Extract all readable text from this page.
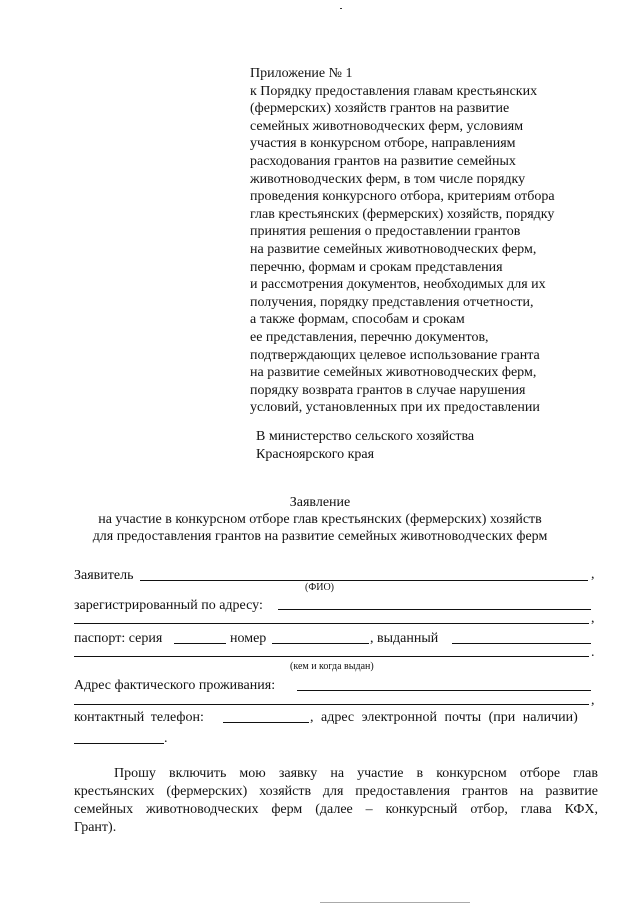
Приложение № 1
к Порядку предоставления главам крестьянских
(фермерских) хозяйств грантов на развитие
семейных животноводческих ферм, условиям
участия в конкурсном отборе, направлениям
расходования грантов на развитие семейных
животноводческих ферм, в том числе порядку
проведения конкурсного отбора, критериям отбора
глав крестьянских (фермерских) хозяйств, порядку
принятия решения о предоставлении грантов
на развитие семейных животноводческих ферм,
перечню, формам и срокам представления
и рассмотрения документов, необходимых для их
получения, порядку представления отчетности,
а также формам, способам и срокам
ее представления, перечню документов,
подтверждающих целевое использование гранта
на развитие семейных животноводческих ферм,
порядку возврата грантов в случае нарушения
условий, установленных при их предоставлении
В министерство сельского хозяйства
Красноярского края
Заявление
на участие в конкурсном отборе глав крестьянских (фермерских) хозяйств
для предоставления грантов на развитие семейных животноводческих ферм
Заявитель	,
(ФИО)
зарегистрированный по адресу:
,
паспорт: серия	номер	, выданный
.
(кем и когда выдан)
Адрес фактического проживания:
,
контактный телефон:	, адрес электронной почты (при наличии)
.
Прошу включить мою заявку на участие в конкурсном отборе глав
крестьянских (фермерских) хозяйств для предоставления грантов на развитие
семейных животноводческих ферм (далее – конкурсный отбор, глава КФХ,
Грант).
